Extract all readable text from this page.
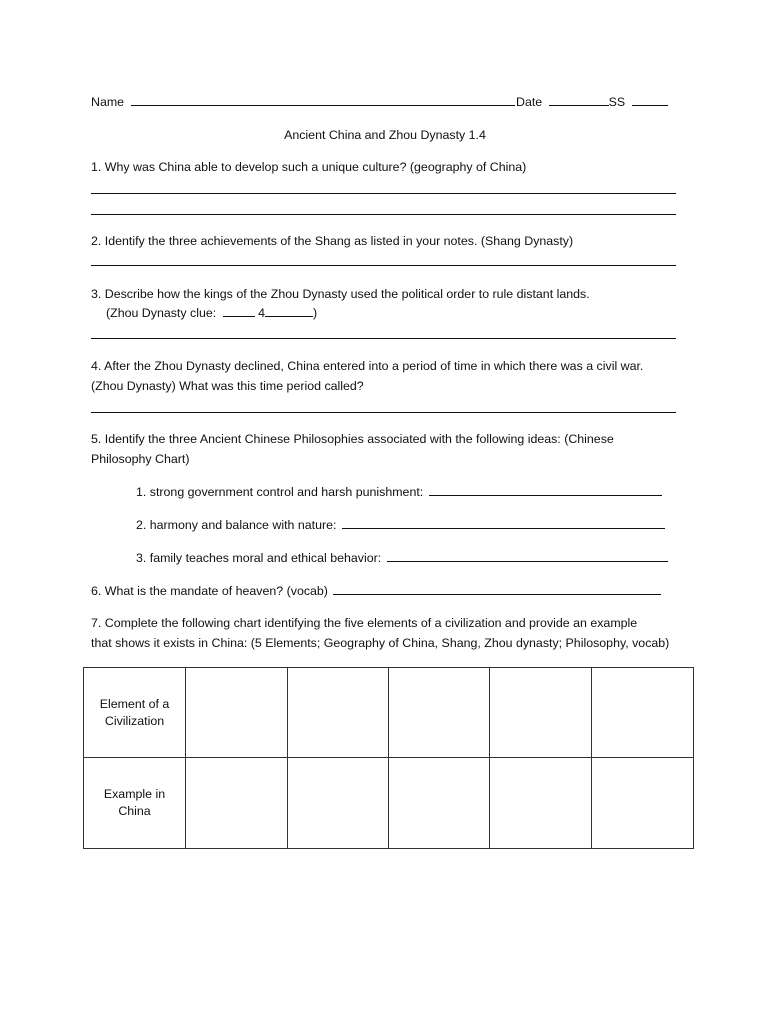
Name	Date	SS
Ancient China and Zhou Dynasty 1.4
1. Why was China able to develop such a unique culture? (geography of China)
2. Identify the three achievements of the Shang as listed in your notes. (Shang Dynasty)
3. Describe how the kings of the Zhou Dynasty used the political order to rule distant lands.
(Zhou Dynasty clue:	4	)
4. After the Zhou Dynasty declined, China entered into a period of time in which there was a civil war.
(Zhou Dynasty) What was this time period called?
5. Identify the three Ancient Chinese Philosophies associated with the following ideas: (Chinese
Philosophy Chart)
1. strong government control and harsh punishment:
2. harmony and balance with nature:
3. family teaches moral and ethical behavior:
6. What is the mandate of heaven? (vocab)
7. Complete the following chart identifying the five elements of a civilization and provide an example
that shows it exists in China: (5 Elements; Geography of China, Shang, Zhou dynasty; Philosophy, vocab)
Element of a
Civilization					

Example in
China					
